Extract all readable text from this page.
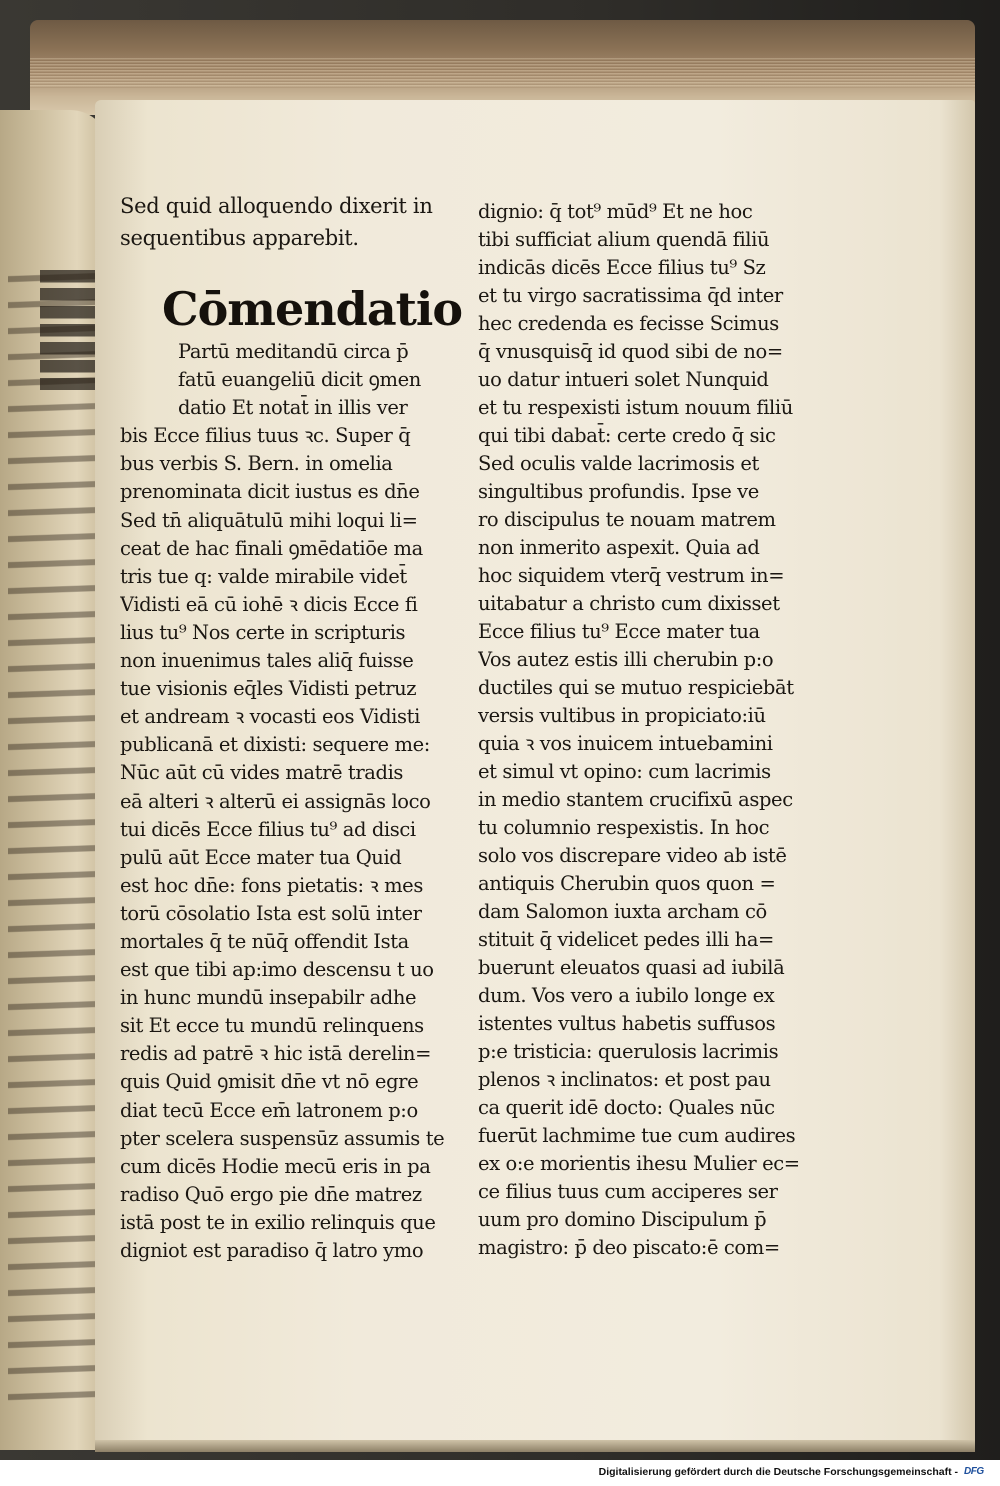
Sed quid alloquendo dixerit in
sequentibus apparebit.
Cōmendatio
Partū meditandū circa p̄
fatū euangeliū dicit ꝯmen
datio Et notat̄ in illis ver
bis Ecce filius tuus ꝛc. Super q̄
bus verbis S. Bern. in omelia
prenominata dicit iustus es dn̄e
Sed tn̄ aliquātulū mihi loqui li=
ceat de hac finali ꝯmēdatiōe ma
tris tue q: valde mirabile videt̄
Vidisti eā cū iohē ꝛ dicis Ecce fi
lius tu⁹ Nos certe in scripturis
non inuenimus tales aliq̄ fuisse
tue visionis eq̄les Vidisti petruz
et andream ꝛ vocasti eos Vidisti
publicanā et dixisti: sequere me:
Nūc aūt cū vides matrē tradis
eā alteri ꝛ alterū ei assignās loco
tui dicēs Ecce filius tu⁹ ad disci
pulū aūt Ecce mater tua Quid
est hoc dn̄e: fons pietatis: ꝛ mes
torū cōsolatio Ista est solū inter
mortales q̄ te nūq̄ offendit Ista
est que tibi ap:imo descensu t uo
in hunc mundū insepabilr adhe
sit Et ecce tu mundū relinquens
redis ad patrē ꝛ hic istā derelin=
quis Quid ꝯmisit dn̄e vt nō egre
diat tecū Ecce em̄ latronem p:o
pter scelera suspensūz assumis te
cum dicēs Hodie mecū eris in pa
radiso Quō ergo pie dn̄e matrez
istā post te in exilio relinquis que
digniot est paradiso q̄ latro ymo
dignio: q̄ tot⁹ mūd⁹ Et ne hoc
tibi sufficiat alium quendā filiū
indicās dicēs Ecce filius tu⁹ Sz
et tu virgo sacratissima q̄d inter
hec credenda es fecisse Scimus
q̄ vnusquisq̄ id quod sibi de no=
uo datur intueri solet Nunquid
et tu respexisti istum nouum filiū
qui tibi dabat̄: certe credo q̄ sic
Sed oculis valde lacrimosis et
singultibus profundis. Ipse ve
ro discipulus te nouam matrem
non inmerito aspexit. Quia ad
hoc siquidem vterq̄ vestrum in=
uitabatur a christo cum dixisset
Ecce filius tu⁹ Ecce mater tua
Vos autez estis illi cherubin p:o
ductiles qui se mutuo respiciebāt
versis vultibus in propiciato:iū
quia ꝛ vos inuicem intuebamini
et simul vt opino: cum lacrimis
in medio stantem crucifixū aspec
tu columnio respexistis. In hoc
solo vos discrepare video ab istē
antiquis Cherubin quos quon =
dam Salomon iuxta archam cō
stituit q̄ videlicet pedes illi ha=
buerunt eleuatos quasi ad iubilā
dum. Vos vero a iubilo longe ex
istentes vultus habetis suffusos
p:e tristicia: querulosis lacrimis
plenos ꝛ inclinatos: et post pau
ca querit idē docto: Quales nūc
fuerūt lachmime tue cum audires
ex o:e morientis ihesu Mulier ec=
ce filius tuus cum acciperes ser
uum pro domino Discipulum p̄
magistro: p̄ deo piscato:ē com=
Digitalisierung gefördert durch die Deutsche Forschungsgemeinschaft - DFG
